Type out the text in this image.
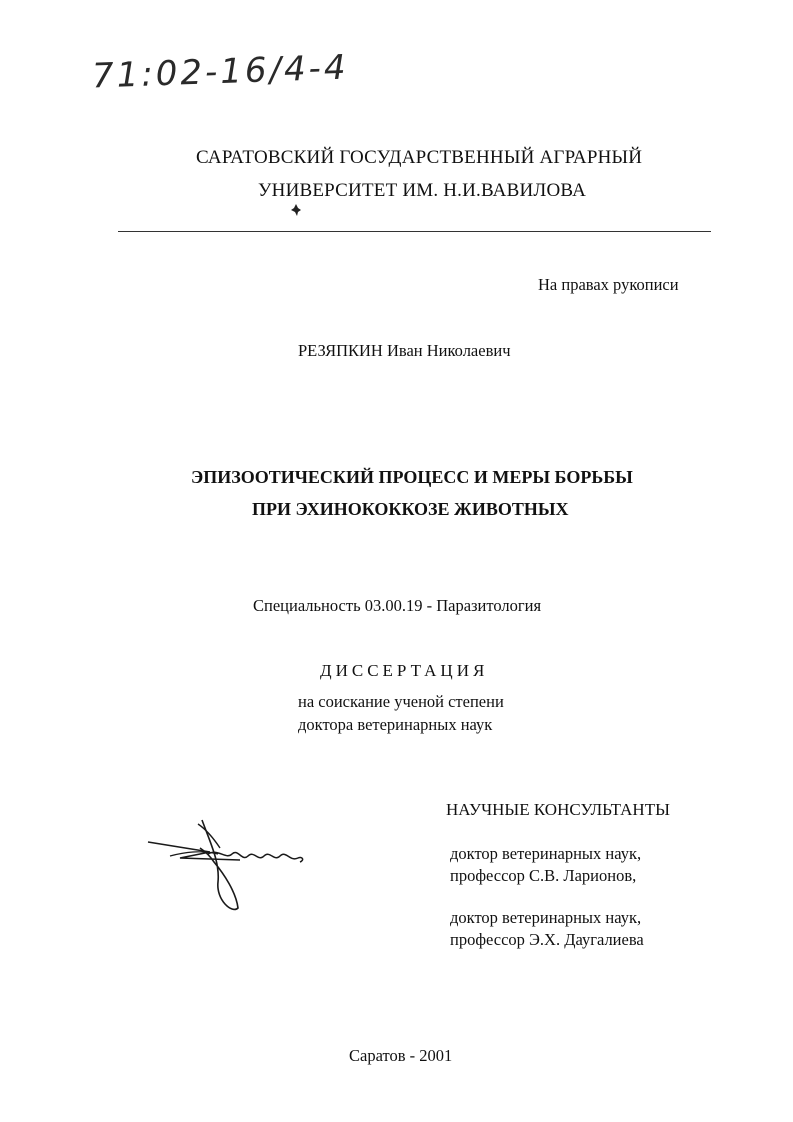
71:02-16/4-4
САРАТОВСКИЙ ГОСУДАРСТВЕННЫЙ АГРАРНЫЙ
УНИВЕРСИТЕТ ИМ. Н.И.ВАВИЛОВА
На правах рукописи
РЕЗЯПКИН Иван Николаевич
ЭПИЗООТИЧЕСКИЙ ПРОЦЕСС И МЕРЫ БОРЬБЫ
ПРИ ЭХИНОКОККОЗЕ ЖИВОТНЫХ
Специальность 03.00.19 - Паразитология
ДИССЕРТАЦИЯ
на соискание ученой степени
доктора ветеринарных наук
НАУЧНЫЕ КОНСУЛЬТАНТЫ
доктор ветеринарных наук,
профессор С.В. Ларионов,
доктор ветеринарных наук,
профессор Э.Х. Даугалиева
Саратов - 2001
